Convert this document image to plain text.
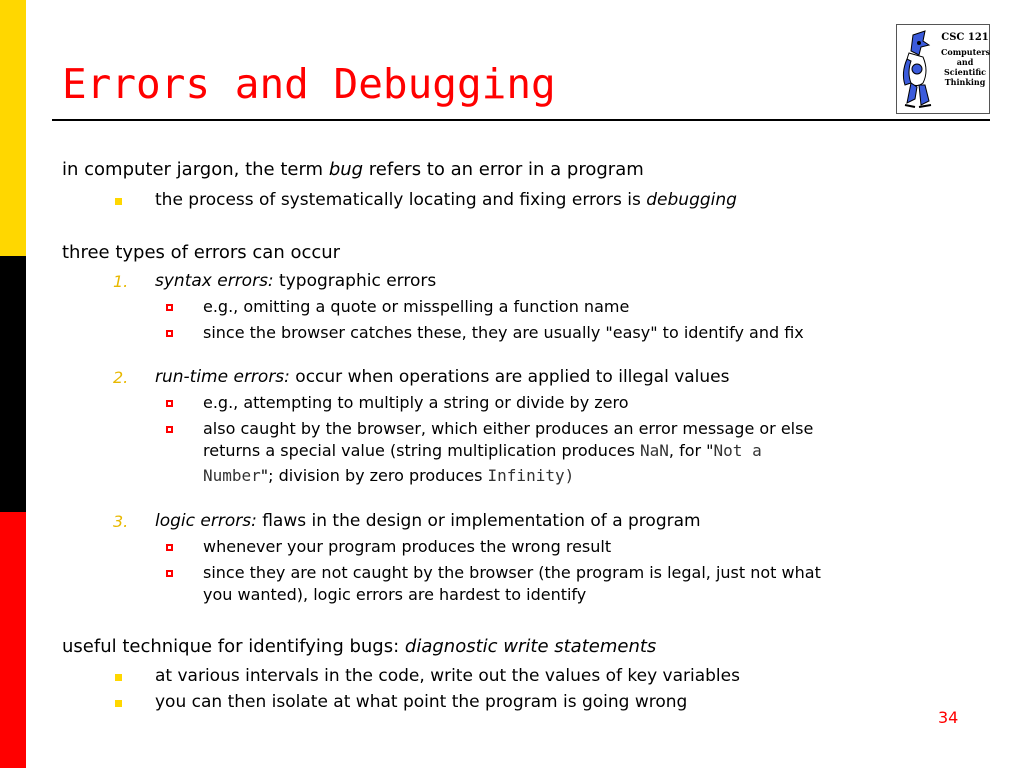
Errors and Debugging
CSC 121
Computers
and
Scientific
Thinking
in computer jargon, the term bug refers to an error in a program
the process of systematically locating and fixing errors is debugging
three types of errors can occur
1. syntax errors: typographic errors
e.g., omitting a quote or misspelling a function name
since the browser catches these, they are usually "easy" to identify and fix
2. run-time errors: occur when operations are applied to illegal values
e.g., attempting to multiply a string or divide by zero
also caught by the browser, which either produces an error message or else
returns a special value (string multiplication produces NaN, for "Not a
Number"; division by zero produces Infinity)
3. logic errors: flaws in the design or implementation of a program
whenever your program produces the wrong result
since they are not caught by the browser (the program is legal, just not what
you wanted), logic errors are hardest to identify
useful technique for identifying bugs: diagnostic write statements
at various intervals in the code, write out the values of key variables
you can then isolate at what point the program is going wrong
34
